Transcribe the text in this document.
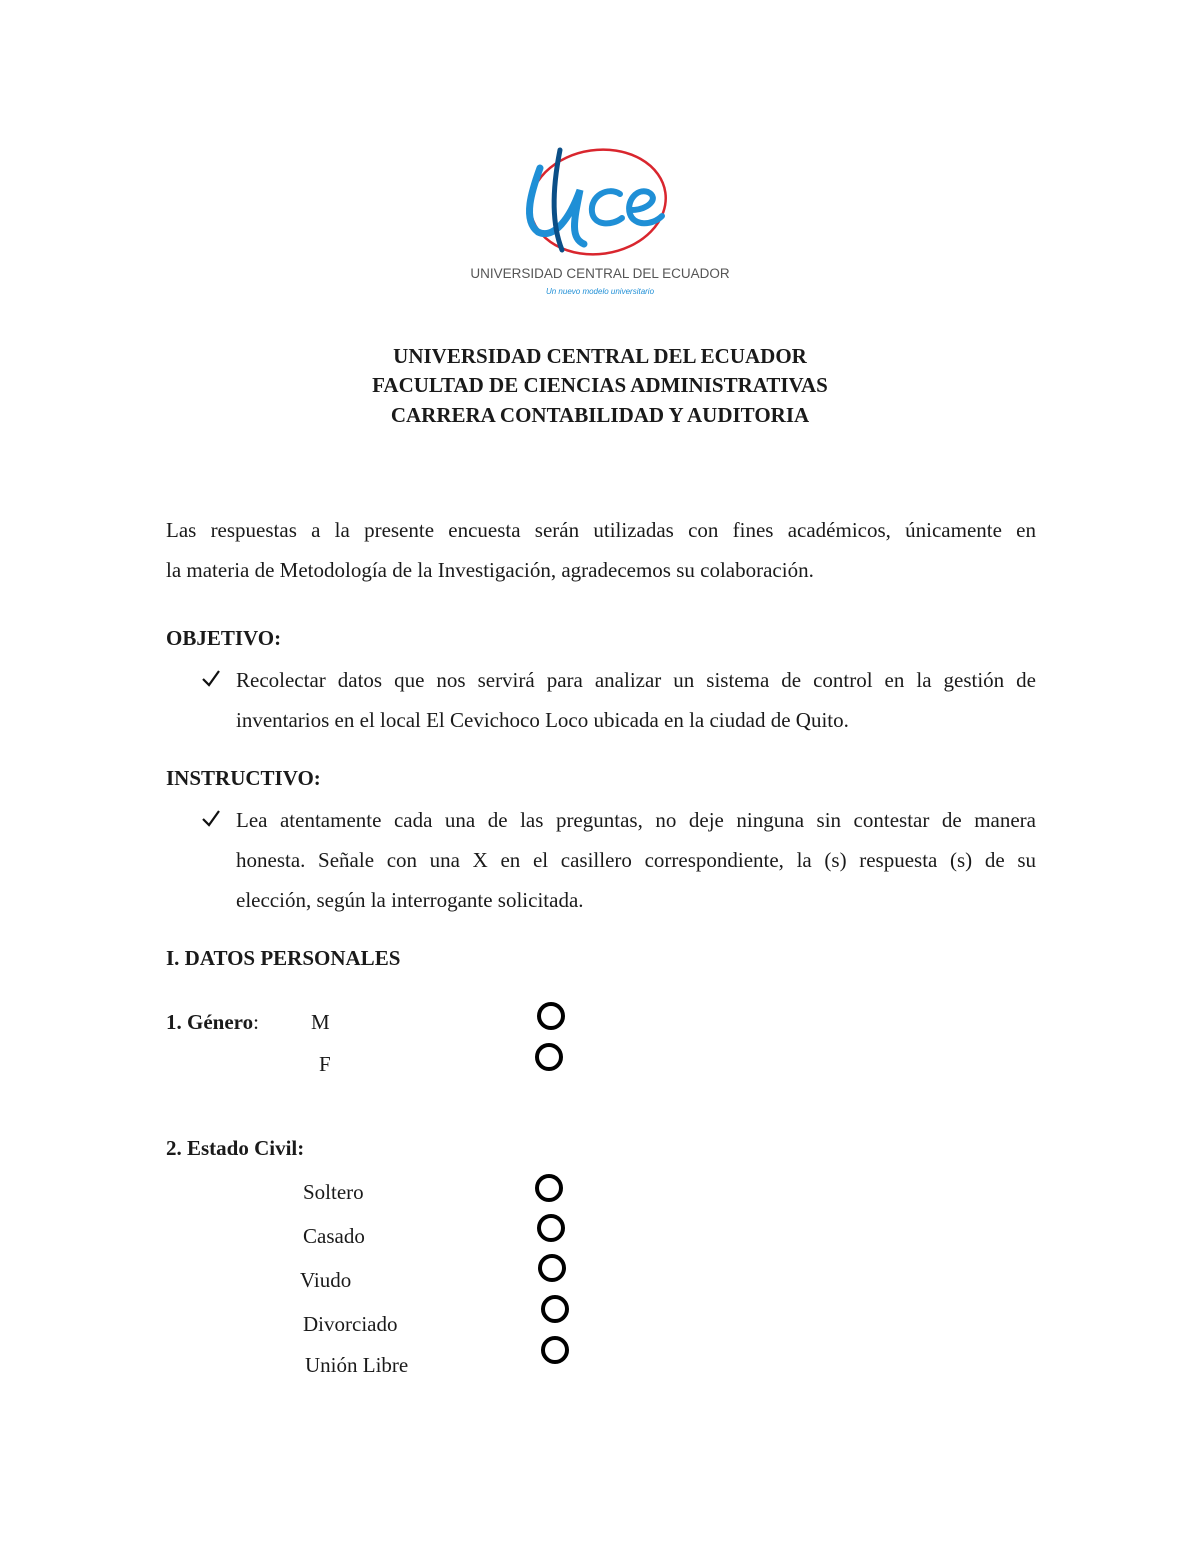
UNIVERSIDAD CENTRAL DEL ECUADOR
Un nuevo modelo universitario
UNIVERSIDAD CENTRAL DEL ECUADOR
FACULTAD DE CIENCIAS ADMINISTRATIVAS
CARRERA CONTABILIDAD Y AUDITORIA
Las respuestas a la presente encuesta serán utilizadas con fines académicos, únicamente en
la materia de Metodología de la Investigación, agradecemos su colaboración.
OBJETIVO:
Recolectar datos que nos servirá para analizar un sistema de control en la gestión de
inventarios en el local El Cevichoco Loco ubicada en la ciudad de Quito.
INSTRUCTIVO:
Lea atentamente cada una de las preguntas, no deje ninguna sin contestar de manera
honesta. Señale con una X en el casillero correspondiente, la (s) respuesta (s) de su
elección, según la interrogante solicitada.
I. DATOS PERSONALES
1. Género: M
F
2. Estado Civil:
Soltero
Casado
Viudo
Divorciado
Unión Libre
